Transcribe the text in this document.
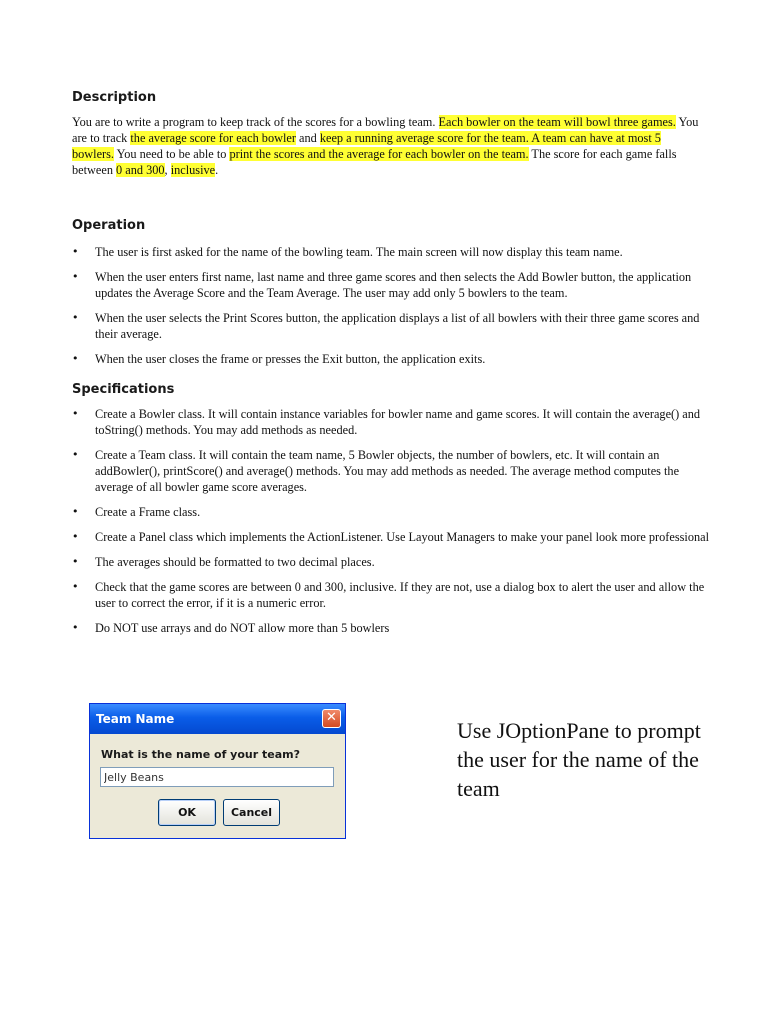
Description

You are to write a program to keep track of the scores for a bowling team. Each bowler on the team will bowl three games. You are to track the average score for each bowler and keep a running average score for the team. A team can have at most 5 bowlers. You need to be able to print the scores and the average for each bowler on the team. The score for each game falls between 0 and 300, inclusive.

Operation
• The user is first asked for the name of the bowling team. The main screen will now display this team name.
• When the user enters first name, last name and three game scores and then selects the Add Bowler button, the application updates the Average Score and the Team Average. The user may add only 5 bowlers to the team.
• When the user selects the Print Scores button, the application displays a list of all bowlers with their three game scores and their average.
• When the user closes the frame or presses the Exit button, the application exits.
Specifications
• Create a Bowler class. It will contain instance variables for bowler name and game scores. It will contain the average() and toString() methods. You may add methods as needed.
• Create a Team class. It will contain the team name, 5 Bowler objects, the number of bowlers, etc. It will contain an addBowler(), printScore() and average() methods. You may add methods as needed. The average method computes the average of all bowler game score averages.
• Create a Frame class.
• Create a Panel class which implements the ActionListener. Use Layout Managers to make your panel look more professional
• The averages should be formatted to two decimal places.
• Check that the game scores are between 0 and 300, inclusive. If they are not, use a dialog box to alert the user and allow the user to correct the error, if it is a numeric error.
• Do NOT use arrays and do NOT allow more than 5 bowlers
Team Name	✕
What is the name of your team?
Jelly Beans
OK	Cancel

Use JOptionPane to prompt the user for the name of the team
